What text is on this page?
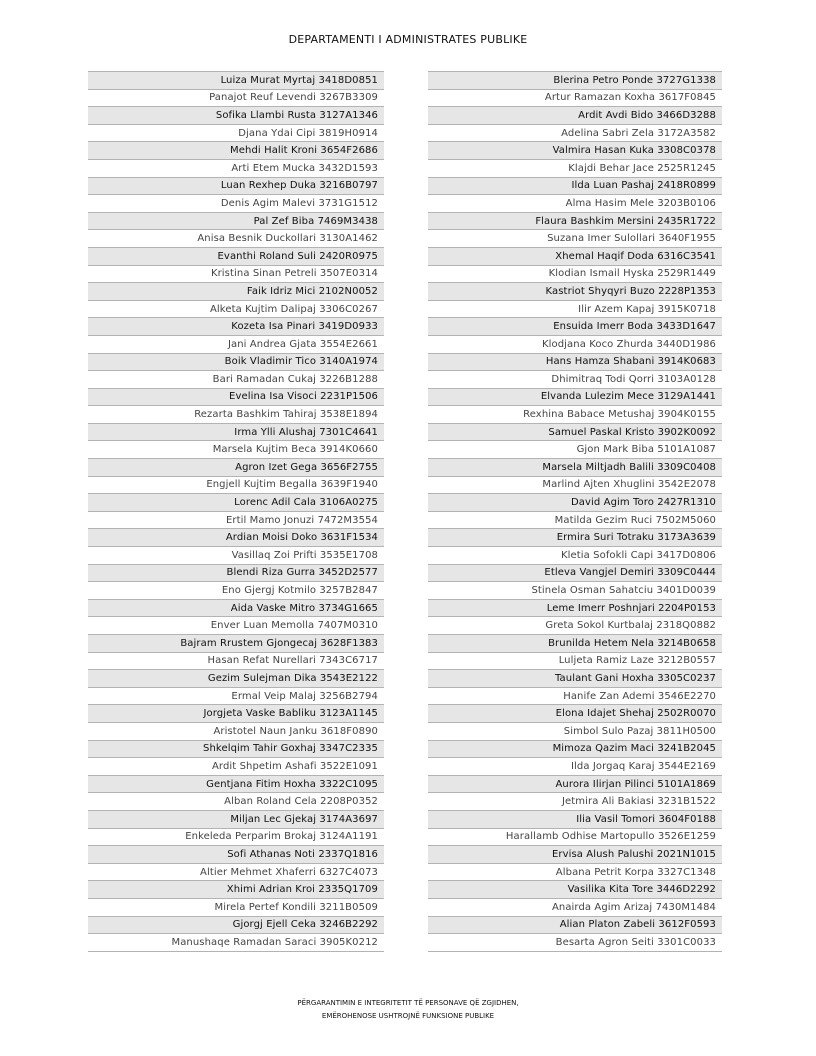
DEPARTAMENTI I ADMINISTRATES PUBLIKE
Luiza Murat Myrtaj 3418D0851
Panajot Reuf Levendi 3267B3309
Sofika Llambi Rusta 3127A1346
Djana Ydai Cipi 3819H0914
Mehdi Halit Kroni 3654F2686
Arti Etem Mucka 3432D1593
Luan Rexhep Duka 3216B0797
Denis Agim Malevi 3731G1512
Pal Zef Biba 7469M3438
Anisa Besnik Duckollari 3130A1462
Evanthi Roland Suli 2420R0975
Kristina Sinan Petreli 3507E0314
Faik Idriz Mici 2102N0052
Alketa Kujtim Dalipaj 3306C0267
Kozeta Isa Pinari 3419D0933
Jani Andrea Gjata 3554E2661
Boik Vladimir Tico 3140A1974
Bari Ramadan Cukaj 3226B1288
Evelina Isa Visoci 2231P1506
Rezarta Bashkim Tahiraj 3538E1894
Irma Ylli Alushaj 7301C4641
Marsela Kujtim Beca 3914K0660
Agron Izet Gega 3656F2755
Engjell Kujtim Begalla 3639F1940
Lorenc Adil Cala 3106A0275
Ertil Mamo Jonuzi 7472M3554
Ardian Moisi Doko 3631F1534
Vasillaq Zoi Prifti 3535E1708
Blendi Riza Gurra 3452D2577
Eno Gjergj Kotmilo 3257B2847
Aida Vaske Mitro 3734G1665
Enver Luan Memolla 7407M0310
Bajram Rrustem Gjongecaj 3628F1383
Hasan Refat Nurellari 7343C6717
Gezim Sulejman Dika 3543E2122
Ermal Veip Malaj 3256B2794
Jorgjeta Vaske Babliku 3123A1145
Aristotel Naun Janku 3618F0890
Shkelqim Tahir Goxhaj 3347C2335
Ardit Shpetim Ashafi 3522E1091
Gentjana Fitim Hoxha 3322C1095
Alban Roland Cela 2208P0352
Miljan Lec Gjekaj 3174A3697
Enkeleda Perparim Brokaj 3124A1191
Sofi Athanas Noti 2337Q1816
Altier Mehmet Xhaferri 6327C4073
Xhimi Adrian Kroi 2335Q1709
Mirela Pertef Kondili 3211B0509
Gjorgj Ejell Ceka 3246B2292
Manushaqe Ramadan Saraci 3905K0212
Blerina Petro Ponde 3727G1338
Artur Ramazan Koxha 3617F0845
Ardit Avdi Bido 3466D3288
Adelina Sabri Zela 3172A3582
Valmira Hasan Kuka 3308C0378
Klajdi Behar Jace 2525R1245
Ilda Luan Pashaj 2418R0899
Alma Hasim Mele 3203B0106
Flaura Bashkim Mersini 2435R1722
Suzana Imer Sulollari 3640F1955
Xhemal Haqif Doda 6316C3541
Klodian Ismail Hyska 2529R1449
Kastriot Shyqyri Buzo 2228P1353
Ilir Azem Kapaj 3915K0718
Ensuida Imerr Boda 3433D1647
Klodjana Koco Zhurda 3440D1986
Hans Hamza Shabani 3914K0683
Dhimitraq Todi Qorri 3103A0128
Elvanda Lulezim Mece 3129A1441
Rexhina Babace Metushaj 3904K0155
Samuel Paskal Kristo 3902K0092
Gjon Mark Biba 5101A1087
Marsela Miltjadh Balili 3309C0408
Marlind Ajten Xhuglini 3542E2078
David Agim Toro 2427R1310
Matilda Gezim Ruci 7502M5060
Ermira Suri Totraku 3173A3639
Kletia Sofokli Capi 3417D0806
Etleva Vangjel Demiri 3309C0444
Stinela Osman Sahatciu 3401D0039
Leme Imerr Poshnjari 2204P0153
Greta Sokol Kurtbalaj 2318Q0882
Brunilda Hetem Nela 3214B0658
Luljeta Ramiz Laze 3212B0557
Taulant Gani Hoxha 3305C0237
Hanife Zan Ademi 3546E2270
Elona Idajet Shehaj 2502R0070
Simbol Sulo Pazaj 3811H0500
Mimoza Qazim Maci 3241B2045
Ilda Jorgaq Karaj 3544E2169
Aurora Ilirjan Pilinci 5101A1869
Jetmira Ali Bakiasi 3231B1522
Ilia Vasil Tomori 3604F0188
Harallamb Odhise Martopullo 3526E1259
Ervisa Alush Palushi 2021N1015
Albana Petrit Korpa 3327C1348
Vasilika Kita Tore 3446D2292
Anairda Agim Arizaj 7430M1484
Alian Platon Zabeli 3612F0593
Besarta Agron Seiti 3301C0033
PËRGARANTIMIN E INTEGRITETIT TË PERSONAVE QË ZGJIDHEN,
EMËROHENOSE USHTROJNË FUNKSIONE PUBLIKE
